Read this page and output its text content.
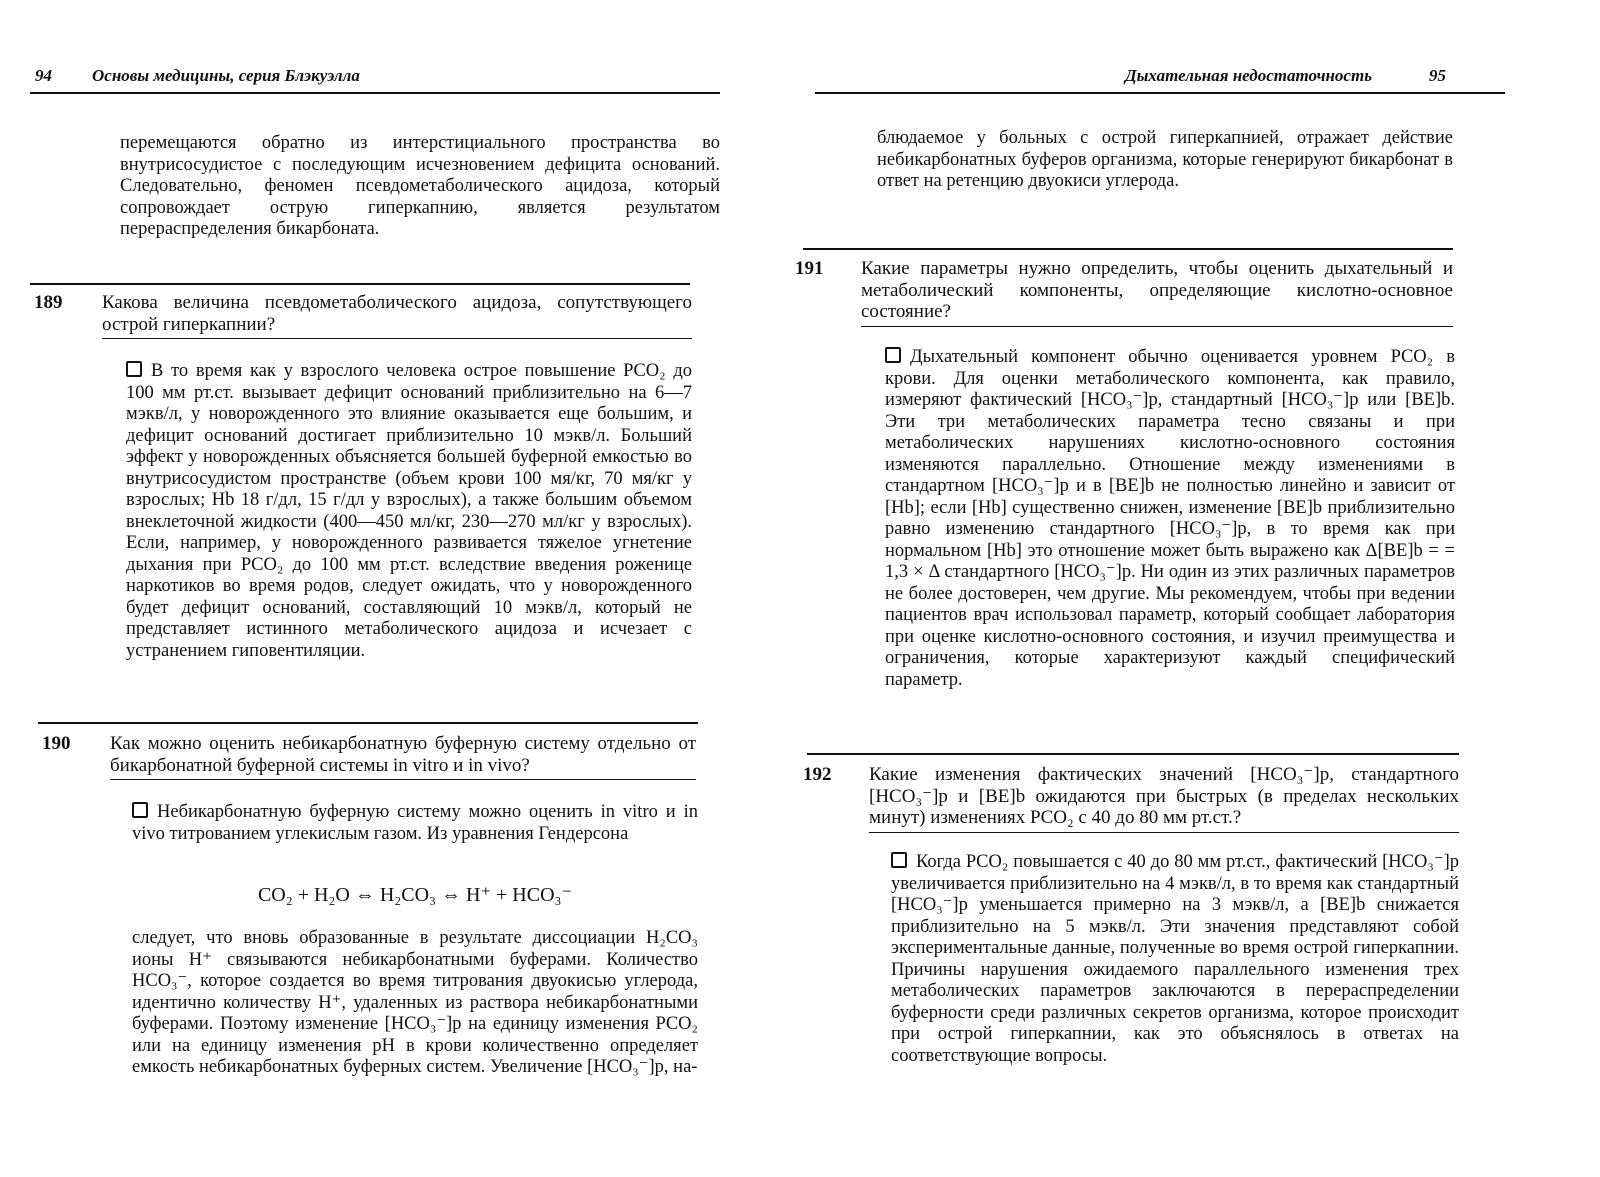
94 Основы медицины, серия Блэкуэлла
перемещаются обратно из интерстициального пространства во внутрисосудистое с последующим исчезновением дефицита оснований. Следовательно, феномен псевдометаболического ацидоза, который сопровождает острую гиперкапнию, является результатом перераспределения бикарбоната.
189 Какова величина псевдометаболического ацидоза, сопутствующего острой гиперкапнии?
В то время как у взрослого человека острое повышение PCO₂ до 100 мм рт.ст. вызывает дефицит оснований приблизительно на 6—7 мэкв/л, у новорожденного это влияние оказывается еще большим, и дефицит оснований достигает приблизительно 10 мэкв/л. Больший эффект у новорожденных объясняется большей буферной емкостью во внутрисосудистом пространстве (объем крови 100 мя/кг, 70 мя/кг у взрослых; Hb 18 г/дл, 15 г/дл у взрослых), а также большим объемом внеклеточной жидкости (400—450 мл/кг, 230—270 мл/кг у взрослых). Если, например, у новорожденного развивается тяжелое угнетение дыхания при PCO₂ до 100 мм рт.ст. вследствие введения роженице наркотиков во время родов, следует ожидать, что у новорожденного будет дефицит оснований, составляющий 10 мэкв/л, который не представляет истинного метаболического ацидоза и исчезает с устранением гиповентиляции.
190 Как можно оценить небикарбонатную буферную систему отдельно от бикарбонатной буферной системы in vitro и in vivo?
Небикарбонатную буферную систему можно оценить in vitro и in vivo титрованием углекислым газом. Из уравнения Гендерсона
CO₂ + H₂O ⇔ H₂CO₃ ⇔ H⁺ + HCO₃⁻
следует, что вновь образованные в результате диссоциации H₂CO₃ ионы H⁺ связываются небикарбонатными буферами. Количество HCO₃⁻, которое создается во время титрования двуокисью углерода, идентично количеству H⁺, удаленных из раствора небикарбонатными буферами. Поэтому изменение [HCO₃⁻]p на единицу изменения PCO₂ или на единицу изменения pH в крови количественно определяет емкость небикарбонатных буферных систем. Увеличение [HCO₃⁻]p, на-
Дыхательная недостаточность	95
блюдаемое у больных с острой гиперкапнией, отражает действие небикарбонатных буферов организма, которые генерируют бикарбонат в ответ на ретенцию двуокиси углерода.
191 Какие параметры нужно определить, чтобы оценить дыхательный и метаболический компоненты, определяющие кислотно-основное состояние?
Дыхательный компонент обычно оценивается уровнем PCO₂ в крови. Для оценки метаболического компонента, как правило, измеряют фактический [HCO₃⁻]p, стандартный [HCO₃⁻]p или [BE]b. Эти три метаболических параметра тесно связаны и при метаболических нарушениях кислотно-основного состояния изменяются параллельно. Отношение между изменениями в стандартном [HCO₃⁻]p и в [BE]b не полностью линейно и зависит от [Hb]; если [Hb] существенно снижен, изменение [BE]b приблизительно равно изменению стандартного [HCO₃⁻]p, в то время как при нормальном [Hb] это отношение может быть выражено как Δ[BE]b = = 1,3 × Δ стандартного [HCO₃⁻]p. Ни один из этих различных параметров не более достоверен, чем другие. Мы рекомендуем, чтобы при ведении пациентов врач использовал параметр, который сообщает лаборатория при оценке кислотно-основного состояния, и изучил преимущества и ограничения, которые характеризуют каждый специфический параметр.
192 Какие изменения фактических значений [HCO₃⁻]p, стандартного [HCO₃⁻]p и [BE]b ожидаются при быстрых (в пределах нескольких минут) изменениях PCO₂ с 40 до 80 мм рт.ст.?
Когда PCO₂ повышается с 40 до 80 мм рт.ст., фактический [HCO₃⁻]p увеличивается приблизительно на 4 мэкв/л, в то время как стандартный [HCO₃⁻]p уменьшается примерно на 3 мэкв/л, а [BE]b снижается приблизительно на 5 мэкв/л. Эти значения представляют собой экспериментальные данные, полученные во время острой гиперкапнии. Причины нарушения ожидаемого параллельного изменения трех метаболических параметров заключаются в перераспределении буферности среди различных секретов организма, которое происходит при острой гиперкапнии, как это объяснялось в ответах на соответствующие вопросы.
